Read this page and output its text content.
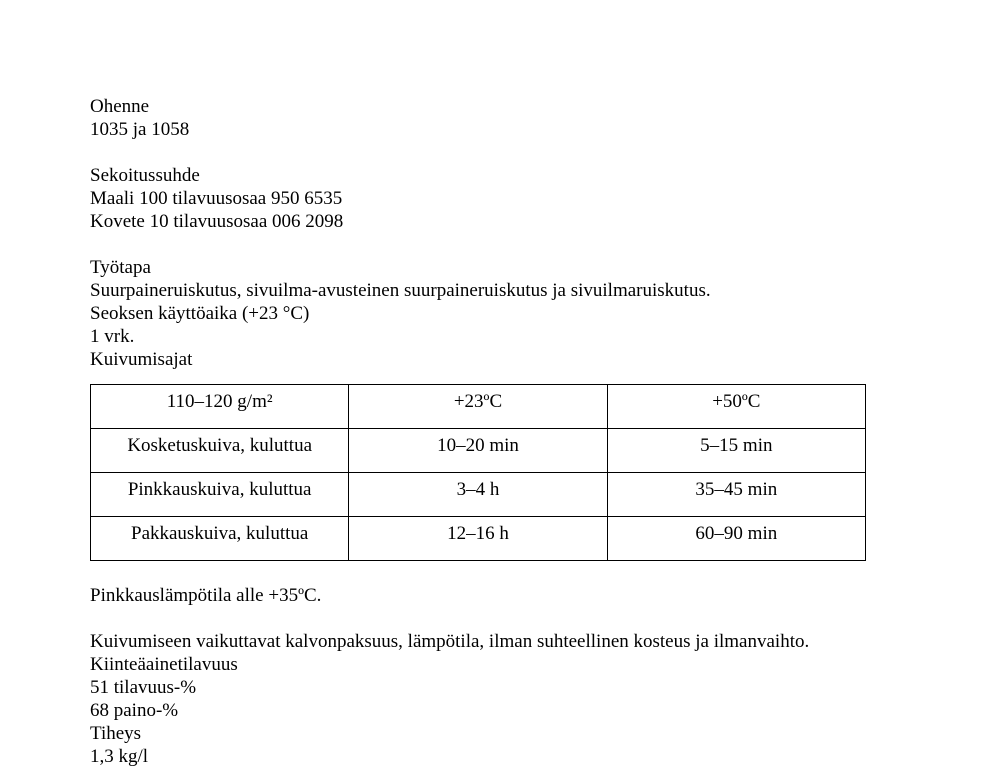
Ohenne
1035 ja 1058
Sekoitussuhde
Maali 100 tilavuusosaa 950 6535
Kovete 10 tilavuusosaa 006 2098
Työtapa
Suurpaineruiskutus, sivuilma-avusteinen suurpaineruiskutus ja sivuilmaruiskutus.
Seoksen käyttöaika (+23 °C)
1 vrk.
Kuivumisajat
110–120 g/m²	+23ºC	+50ºC
Kosketuskuiva, kuluttua	10–20 min	5–15 min
Pinkkauskuiva, kuluttua	3–4 h	35–45 min
Pakkauskuiva, kuluttua	12–16 h	60–90 min
Pinkkauslämpötila alle +35ºC.
Kuivumiseen vaikuttavat kalvonpaksuus, lämpötila, ilman suhteellinen kosteus ja ilmanvaihto.
Kiinteäainetilavuus
51 tilavuus-%
68 paino-%
Tiheys
1,3 kg/l
